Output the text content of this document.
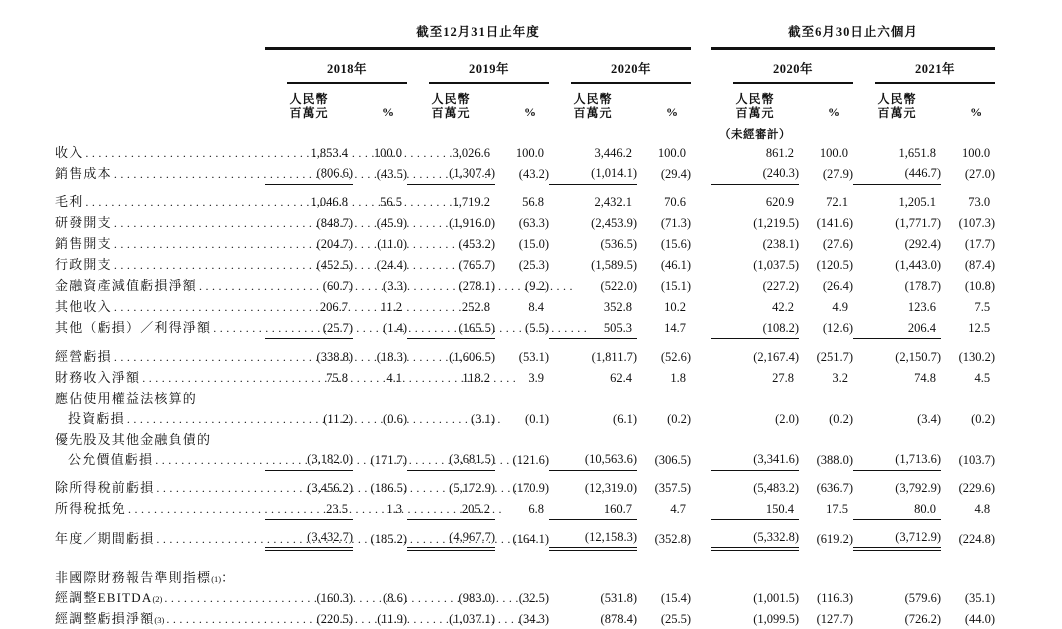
	截至12月31日止年度							截至6月30日止六個月			

	2018年		2019年		2020年			2020年		2021年	

人民幣
百萬元	%	
人民幣
百萬元	%	
人民幣
百萬元	%		
人民幣
百萬元	%	
人民幣
百萬元	%
								（未經審計）			

收入
.....	1,853.4	100.0	3,026.6	100.0	3,446.2	100.0		861.2	100.0	1,651.8	100.0

銷售成本
.....	(806.6)	(43.5)	(1,307.4)	(43.2)	(1,014.1)	(29.4)		(240.3)	(27.9)	(446.7)	(27.0)

毛利
.....	1,046.8	56.5	1,719.2	56.8	2,432.1	70.6		620.9	72.1	1,205.1	73.0

研發開支
.....	(848.7)	(45.9)	(1,916.0)	(63.3)	(2,453.9)	(71.3)		(1,219.5)	(141.6)	(1,771.7)	(107.3)

銷售開支
.....	(204.7)	(11.0)	(453.2)	(15.0)	(536.5)	(15.6)		(238.1)	(27.6)	(292.4)	(17.7)

行政開支
.....	(452.5)	(24.4)	(765.7)	(25.3)	(1,589.5)	(46.1)		(1,037.5)	(120.5)	(1,443.0)	(87.4)

金融資產減值虧損淨額
.....	(60.7)	(3.3)	(278.1)	(9.2)	(522.0)	(15.1)		(227.2)	(26.4)	(178.7)	(10.8)

其他收入
.....	206.7	11.2	252.8	8.4	352.8	10.2		42.2	4.9	123.6	7.5

其他（虧損）／利得淨額
.....	(25.7)	(1.4)	(165.5)	(5.5)	505.3	14.7		(108.2)	(12.6)	206.4	12.5

經營虧損
.....	(338.8)	(18.3)	(1,606.5)	(53.1)	(1,811.7)	(52.6)		(2,167.4)	(251.7)	(2,150.7)	(130.2)

財務收入淨額
.....	75.8	4.1	118.2	3.9	62.4	1.8		27.8	3.2	74.8	4.5

應佔使用權益法核算的											

投資虧損
.....	(11.2)	(0.6)	(3.1)	(0.1)	(6.1)	(0.2)		(2.0)	(0.2)	(3.4)	(0.2)

優先股及其他金融負債的											

公允價值虧損
.....	(3,182.0)	(171.7)	(3,681.5)	(121.6)	(10,563.6)	(306.5)		(3,341.6)	(388.0)	(1,713.6)	(103.7)

除所得稅前虧損
.....	(3,456.2)	(186.5)	(5,172.9)	(170.9)	(12,319.0)	(357.5)		(5,483.2)	(636.7)	(3,792.9)	(229.6)

所得稅抵免
.....	23.5	1.3	205.2	6.8	160.7	4.7		150.4	17.5	80.0	4.8

年度／期間虧損
.....	(3,432.7)	(185.2)	(4,967.7)	(164.1)	(12,158.3)	(352.8)		(5,332.8)	(619.2)	(3,712.9)	(224.8)

非國際財務報告準則指標 (1) ：											

經調整EBITDA (2)
.....	(160.3)	(8.6)	(983.0)	(32.5)	(531.8)	(15.4)		(1,001.5)	(116.3)	(579.6)	(35.1)

經調整虧損淨額 (3)
.....	(220.5)	(11.9)	(1,037.1)	(34.3)	(878.4)	(25.5)		(1,099.5)	(127.7)	(726.2)	(44.0)
